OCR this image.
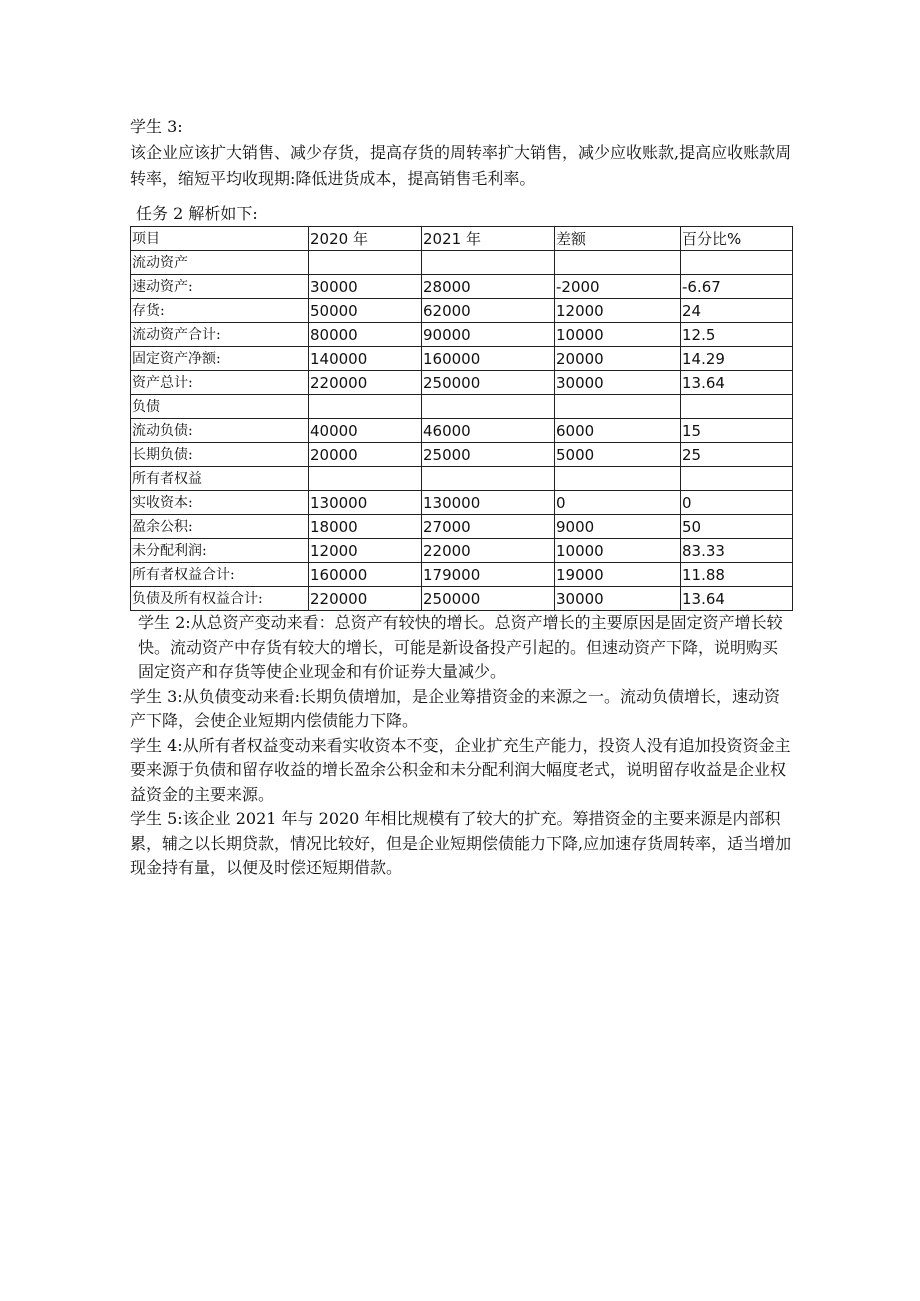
学生 3:

该企业应该扩大销售、减少存货，提高存货的周转率扩大销售，减少应收账款,提高应收账款周转率，缩短平均收现期:降低进货成本，提高销售毛利率。

任务 2 解析如下:
项目	2020 年	2021 年	差额	百分比%
流动资产				
速动资产:	30000	28000	-2000	-6.67
存货:	50000	62000	12000	24
流动资产合计:	80000	90000	10000	12.5
固定资产净额:	140000	160000	20000	14.29
资产总计:	220000	250000	30000	13.64
负债				
流动负债:	40000	46000	6000	15
长期负债:	20000	25000	5000	25
所有者权益				
实收资本:	130000	130000	0	0
盈余公积:	18000	27000	9000	50
未分配利润:	12000	22000	10000	83.33
所有者权益合计:	160000	179000	19000	11.88
负债及所有权益合计:	220000	250000	30000	13.64

学生 2:从总资产变动来看：总资产有较快的增长。总资产增长的主要原因是固定资产增长较快。流动资产中存货有较大的增长，可能是新设备投产引起的。但速动资产下降，说明购买固定资产和存货等使企业现金和有价证券大量减少。

学生 3:从负债变动来看:长期负债增加，是企业筹措资金的来源之一。流动负债增长，速动资产下降，会使企业短期内偿债能力下降。

学生 4:从所有者权益变动来看实收资本不变，企业扩充生产能力，投资人没有追加投资资金主要来源于负债和留存收益的增长盈余公积金和未分配利润大幅度老式，说明留存收益是企业权益资金的主要来源。

学生 5:该企业 2021 年与 2020 年相比规模有了较大的扩充。筹措资金的主要来源是内部积累，辅之以长期贷款，情况比较好，但是企业短期偿债能力下降,应加速存货周转率，适当增加现金持有量，以便及时偿还短期借款。
